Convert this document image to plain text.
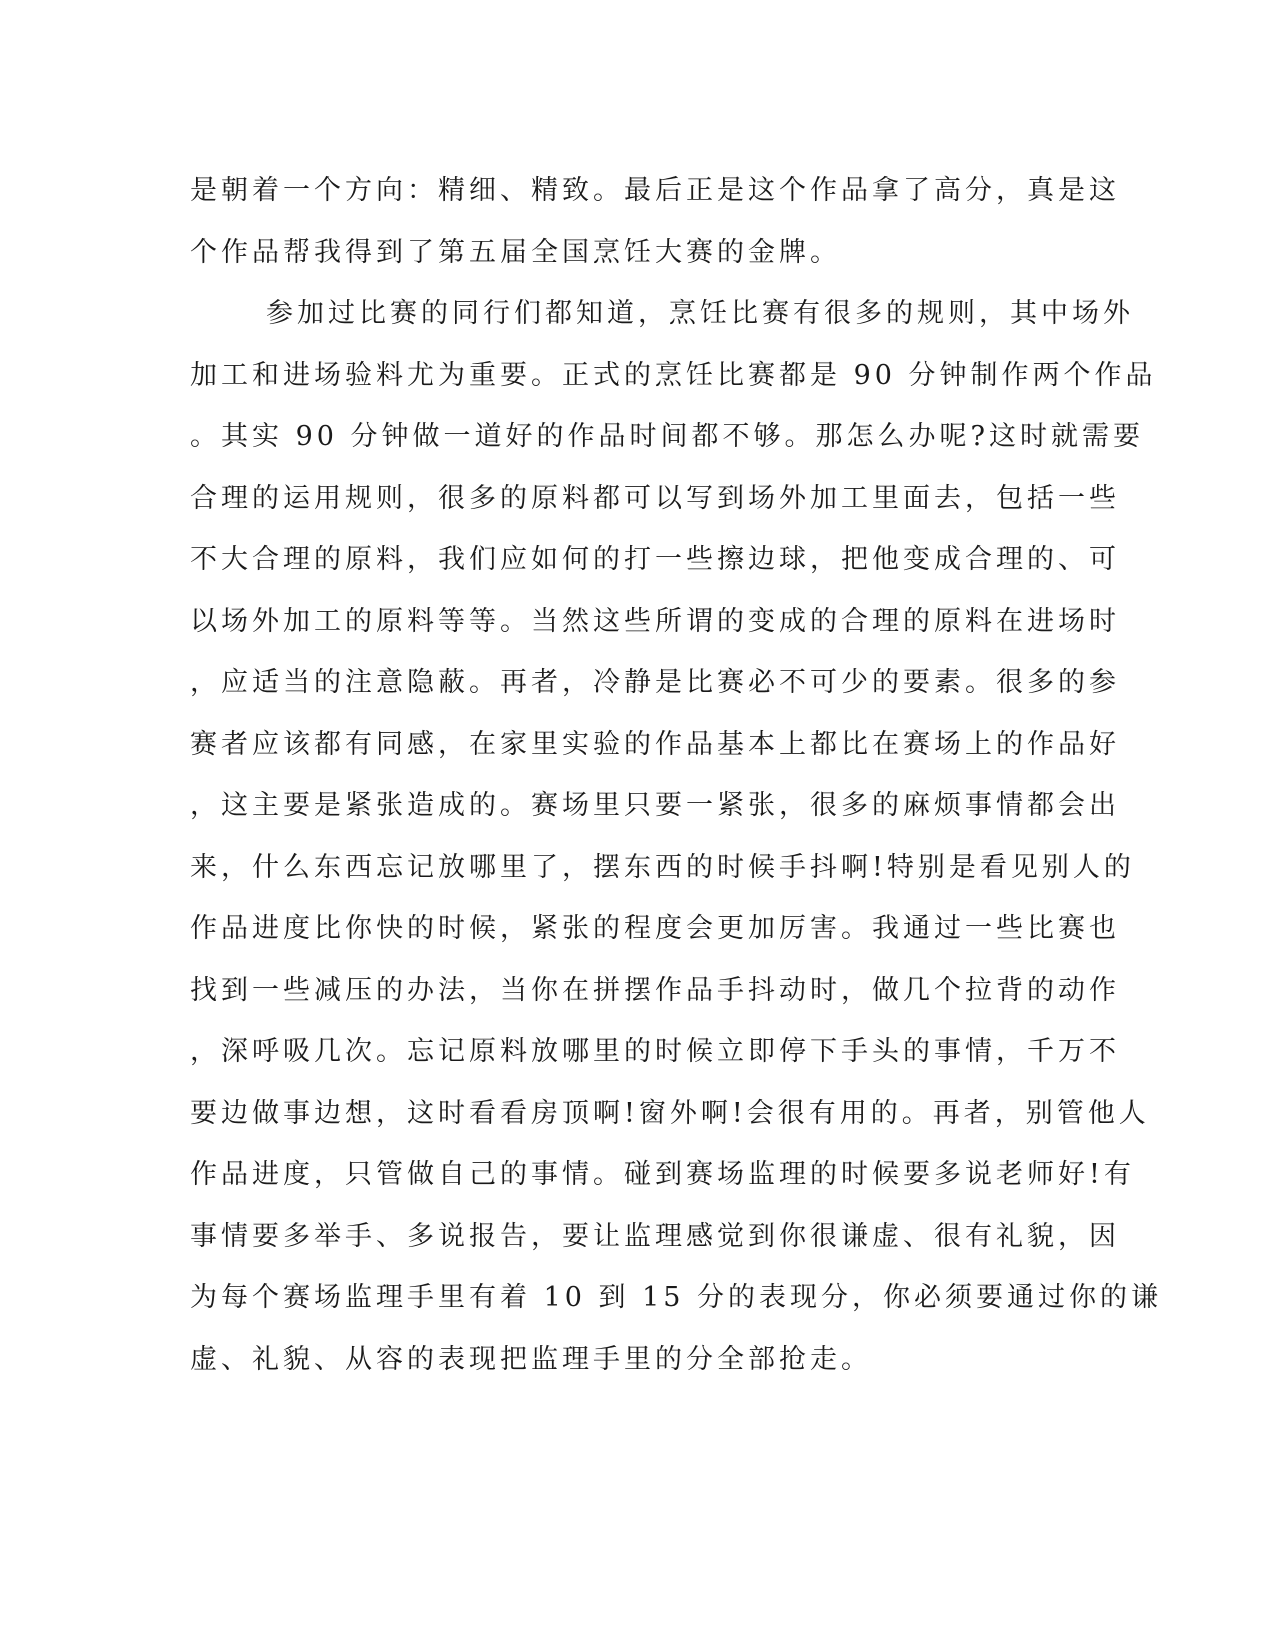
是朝着一个方向：精细、精致。最后正是这个作品拿了高分，真是这
个作品帮我得到了第五届全国烹饪大赛的金牌。
参加过比赛的同行们都知道，烹饪比赛有很多的规则，其中场外
加工和进场验料尤为重要。正式的烹饪比赛都是 90 分钟制作两个作品
。其实 90 分钟做一道好的作品时间都不够。那怎么办呢?这时就需要
合理的运用规则，很多的原料都可以写到场外加工里面去，包括一些
不大合理的原料，我们应如何的打一些擦边球，把他变成合理的、可
以场外加工的原料等等。当然这些所谓的变成的合理的原料在进场时
，应适当的注意隐蔽。再者，冷静是比赛必不可少的要素。很多的参
赛者应该都有同感，在家里实验的作品基本上都比在赛场上的作品好
，这主要是紧张造成的。赛场里只要一紧张，很多的麻烦事情都会出
来，什么东西忘记放哪里了，摆东西的时候手抖啊!特别是看见别人的
作品进度比你快的时候，紧张的程度会更加厉害。我通过一些比赛也
找到一些减压的办法，当你在拼摆作品手抖动时，做几个拉背的动作
，深呼吸几次。忘记原料放哪里的时候立即停下手头的事情，千万不
要边做事边想，这时看看房顶啊!窗外啊!会很有用的。再者，别管他人
作品进度，只管做自己的事情。碰到赛场监理的时候要多说老师好!有
事情要多举手、多说报告，要让监理感觉到你很谦虚、很有礼貌，因
为每个赛场监理手里有着 10 到 15 分的表现分，你必须要通过你的谦
虚、礼貌、从容的表现把监理手里的分全部抢走。
